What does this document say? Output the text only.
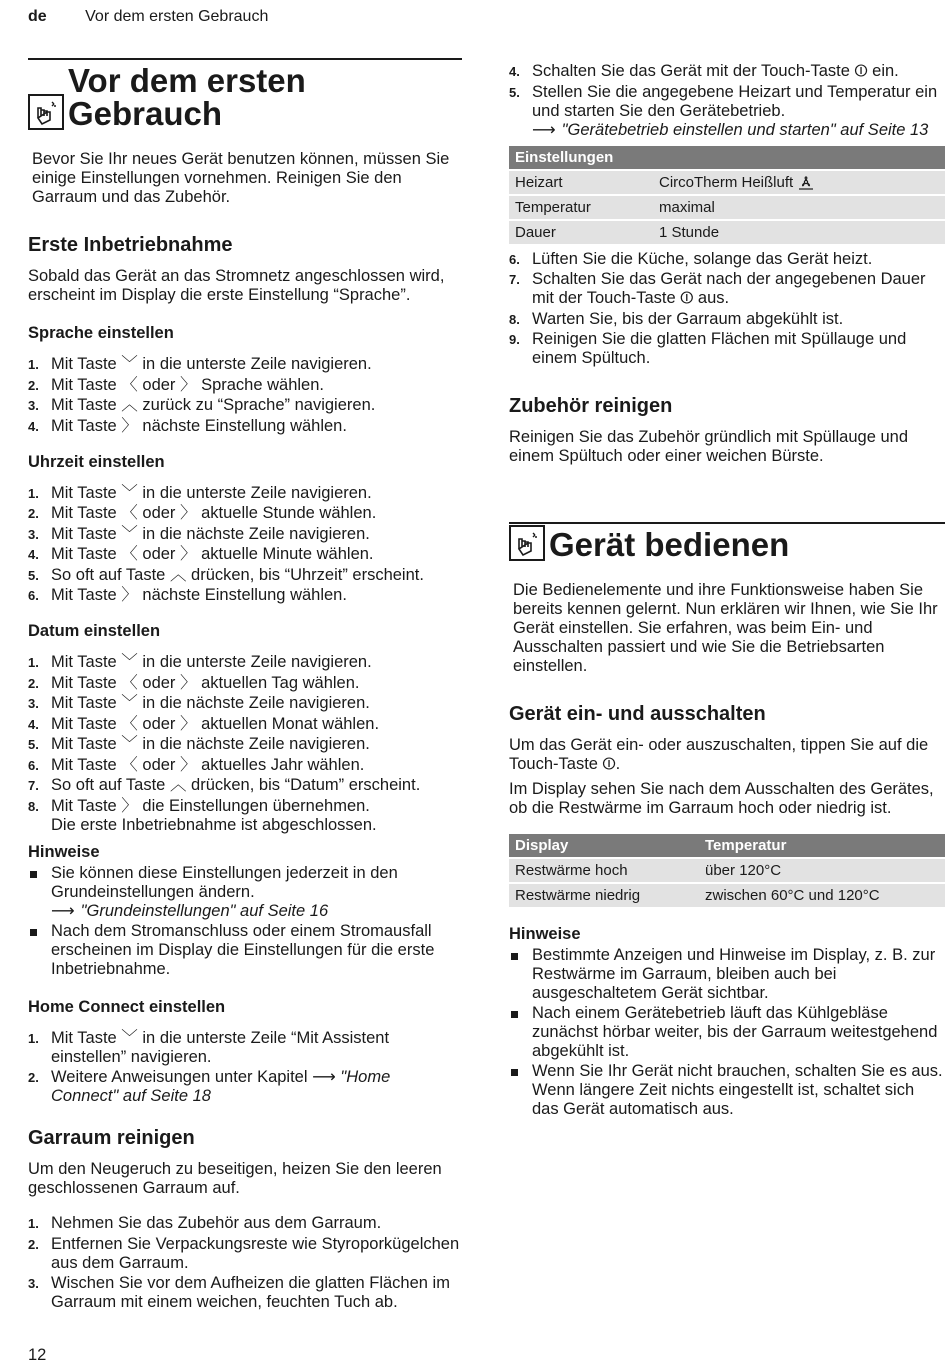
de Vor dem ersten Gebrauch
Vor dem ersten Gebrauch

Bevor Sie Ihr neues Gerät benutzen können, müssen Sie einige Einstellungen vornehmen. Reinigen Sie den Garraum und das Zubehör.

Erste Inbetriebnahme

Sobald das Gerät an das Stromnetz angeschlossen wird, erscheint im Display die erste Einstellung “Sprache”.

Sprache einstellen
1. Mit Taste ﹀ in die unterste Zeile navigieren.
2. Mit Taste 〈 oder 〉 Sprache wählen.
3. Mit Taste ︿ zurück zu “Sprache” navigieren.
4. Mit Taste 〉 nächste Einstellung wählen.
Uhrzeit einstellen
1. Mit Taste ﹀ in die unterste Zeile navigieren.
2. Mit Taste 〈 oder 〉 aktuelle Stunde wählen.
3. Mit Taste ﹀ in die nächste Zeile navigieren.
4. Mit Taste 〈 oder 〉 aktuelle Minute wählen.
5. So oft auf Taste ︿ drücken, bis “Uhrzeit” erscheint.
6. Mit Taste 〉 nächste Einstellung wählen.
Datum einstellen
1. Mit Taste ﹀ in die unterste Zeile navigieren.
2. Mit Taste 〈 oder 〉 aktuellen Tag wählen.
3. Mit Taste ﹀ in die nächste Zeile navigieren.
4. Mit Taste 〈 oder 〉 aktuellen Monat wählen.
5. Mit Taste ﹀ in die nächste Zeile navigieren.
6. Mit Taste 〈 oder 〉 aktuelles Jahr wählen.
7. So oft auf Taste ︿ drücken, bis “Datum” erscheint.
8. Mit Taste 〉 die Einstellungen übernehmen.
Die erste Inbetriebnahme ist abgeschlossen.
Hinweise
Sie können diese Einstellungen jederzeit in den Grundeinstellungen ändern.
⟶ "Grundeinstellungen" auf Seite 16
Nach dem Stromanschluss oder einem Stromausfall erscheinen im Display die Einstellungen für die erste Inbetriebnahme.
Home Connect einstellen
1. Mit Taste ﹀ in die unterste Zeile “Mit Assistent einstellen” navigieren.
2. Weitere Anweisungen unter Kapitel ⟶ "Home Connect" auf Seite 18
Garraum reinigen

Um den Neugeruch zu beseitigen, heizen Sie den leeren geschlossenen Garraum auf.

1. Nehmen Sie das Zubehör aus dem Garraum.
2. Entfernen Sie Verpackungsreste wie Styroporkügelchen aus dem Garraum.
3. Wischen Sie vor dem Aufheizen die glatten Flächen im Garraum mit einem weichen, feuchten Tuch ab.
4. Schalten Sie das Gerät mit der Touch-Taste ⏼ ein.
5. Stellen Sie die angegebene Heizart und Temperatur ein und starten Sie den Gerätebetrieb.
⟶ "Gerätebetrieb einstellen und starten" auf Seite 13
Einstellungen	
Heizart	CircoTherm Heißluft
Temperatur	maximal
Dauer	1 Stunde
6. Lüften Sie die Küche, solange das Gerät heizt.
7. Schalten Sie das Gerät nach der angegebenen Dauer mit der Touch-Taste ⏼ aus.
8. Warten Sie, bis der Garraum abgekühlt ist.
9. Reinigen Sie die glatten Flächen mit Spüllauge und einem Spültuch.
Zubehör reinigen

Reinigen Sie das Zubehör gründlich mit Spüllauge und einem Spültuch oder einer weichen Bürste.

Gerät bedienen

Die Bedienelemente und ihre Funktionsweise haben Sie bereits kennen gelernt. Nun erklären wir Ihnen, wie Sie Ihr Gerät einstellen. Sie erfahren, was beim Ein- und Ausschalten passiert und wie Sie die Betriebsarten einstellen.

Gerät ein- und ausschalten

Um das Gerät ein- oder auszuschalten, tippen Sie auf die Touch-Taste ⏼.

Im Display sehen Sie nach dem Ausschalten des Gerätes, ob die Restwärme im Garraum hoch oder niedrig ist.

Display	Temperatur
Restwärme hoch	über 120°C
Restwärme niedrig	zwischen 60°C und 120°C
Hinweise
Bestimmte Anzeigen und Hinweise im Display, z. B. zur Restwärme im Garraum, bleiben auch bei ausgeschaltetem Gerät sichtbar.
Nach einem Gerätebetrieb läuft das Kühlgebläse zunächst hörbar weiter, bis der Garraum weitestgehend abgekühlt ist.
Wenn Sie Ihr Gerät nicht brauchen, schalten Sie es aus. Wenn längere Zeit nichts eingestellt ist, schaltet sich das Gerät automatisch aus.
12
